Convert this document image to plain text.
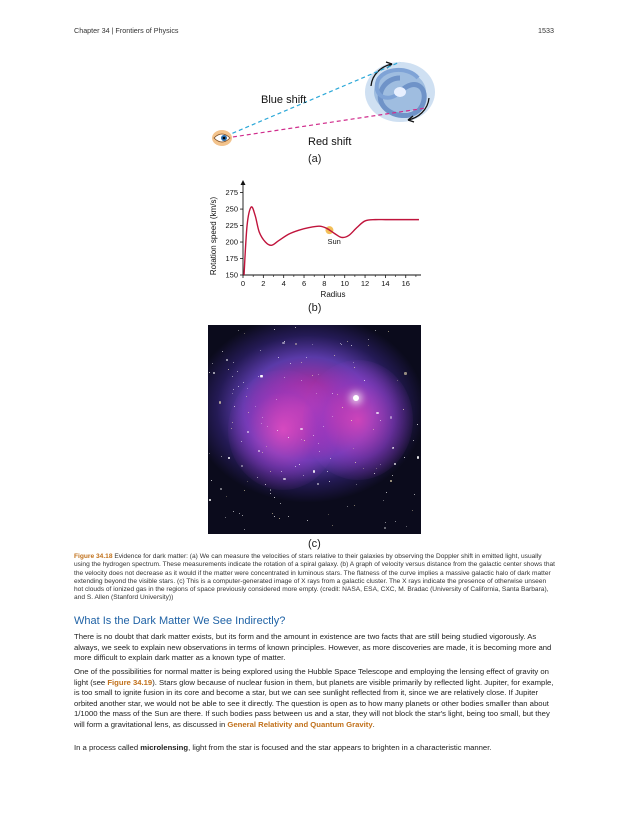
Chapter 34 | Frontiers of Physics	1533
Blue shift
Red shift
(a)
Rotation speed (km/s)
Radius
150
175
200
225
250
275
0 2 4 6 8 10 12 14 16
Sun
(b)
(c)
Figure 34.18 Evidence for dark matter: (a) We can measure the velocities of stars relative to their galaxies by observing the Doppler shift in emitted light, usually using the hydrogen spectrum. These measurements indicate the rotation of a spiral galaxy. (b) A graph of velocity versus distance from the galactic center shows that the velocity does not decrease as it would if the matter were concentrated in luminous stars. The flatness of the curve implies a massive galactic halo of dark matter extending beyond the visible stars. (c) This is a computer-generated image of X rays from a galactic cluster. The X rays indicate the presence of otherwise unseen hot clouds of ionized gas in the regions of space previously considered more empty. (credit: NASA, ESA, CXC, M. Bradac (University of California, Santa Barbara), and S. Allen (Stanford University))
What Is the Dark Matter We See Indirectly?
There is no doubt that dark matter exists, but its form and the amount in existence are two facts that are still being studied vigorously. As always, we seek to explain new observations in terms of known principles. However, as more discoveries are made, it is becoming more and more difficult to explain dark matter as a known type of matter.
One of the possibilities for normal matter is being explored using the Hubble Space Telescope and employing the lensing effect of gravity on light (see Figure 34.19). Stars glow because of nuclear fusion in them, but planets are visible primarily by reflected light. Jupiter, for example, is too small to ignite fusion in its core and become a star, but we can see sunlight reflected from it, since we are relatively close. If Jupiter orbited another star, we would not be able to see it directly. The question is open as to how many planets or other bodies smaller than about 1/1000 the mass of the Sun are there. If such bodies pass between us and a star, they will not block the star's light, being too small, but they will form a gravitational lens, as discussed in General Relativity and Quantum Gravity.
In a process called microlensing, light from the star is focused and the star appears to brighten in a characteristic manner.
